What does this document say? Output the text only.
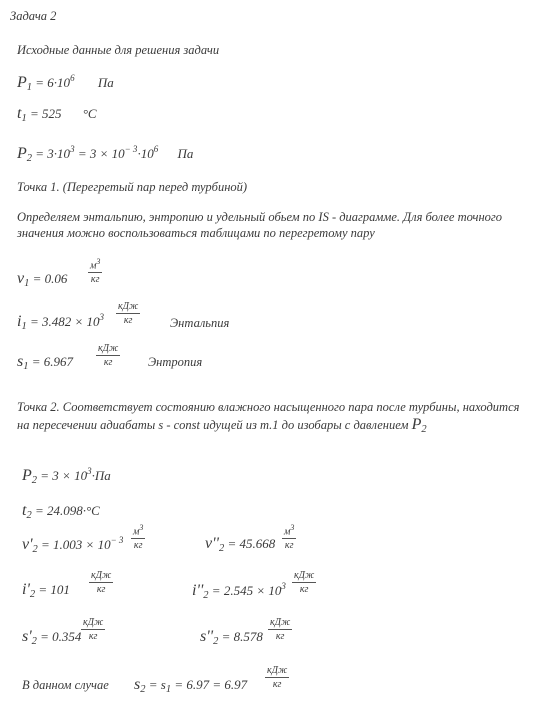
Задача 2
Исходные данные для решения задачи
$P_1 = 6\cdot 10^6$ Па
$t_1 = 525$ °C
$P_2 = 3\cdot 10^3 = 3 \times 10^{- 3}\cdot 10^6$ Па
Точка 1. (Перегретый пар перед турбиной)
Определяем энтальпию, энтропию и удельный обьем по IS - диаграмме. Для более точного
значения можно воспользоваться таблицами по перегретому пару
$v_1 = 0.06$
$м^3$
кг
$i_1 = 3.482 \times 10^3$
кДж
кг	Энтальпия
$s_1 = 6.967$
кДж
кг	Энтропия
Точка 2. Соответствует состоянию влажного насыщенного пара после турбины, находится
на пересечении адиабаты s - const идущей из т.1 до изобары с давлением $P_2$
$P_2 = 3 \times 10^3\cdot Па$
$t_2 = 24.098\cdot^\circ C$
$v'_2 = 1.003 \times 10^{- 3}$
$м^3$
кг	$v''_2 = 45.668$
$м^3$
кг
$i'_2 = 101$
кДж
кг	$i''_2 = 2.545 \times 10^3$
кДж
кг
$s'_2 = 0.354$
кДж
кг	$s''_2 = 8.578$
кДж
кг
В данном случае $s_2 = s_1 = 6.97 = 6.97$
кДж
кг
